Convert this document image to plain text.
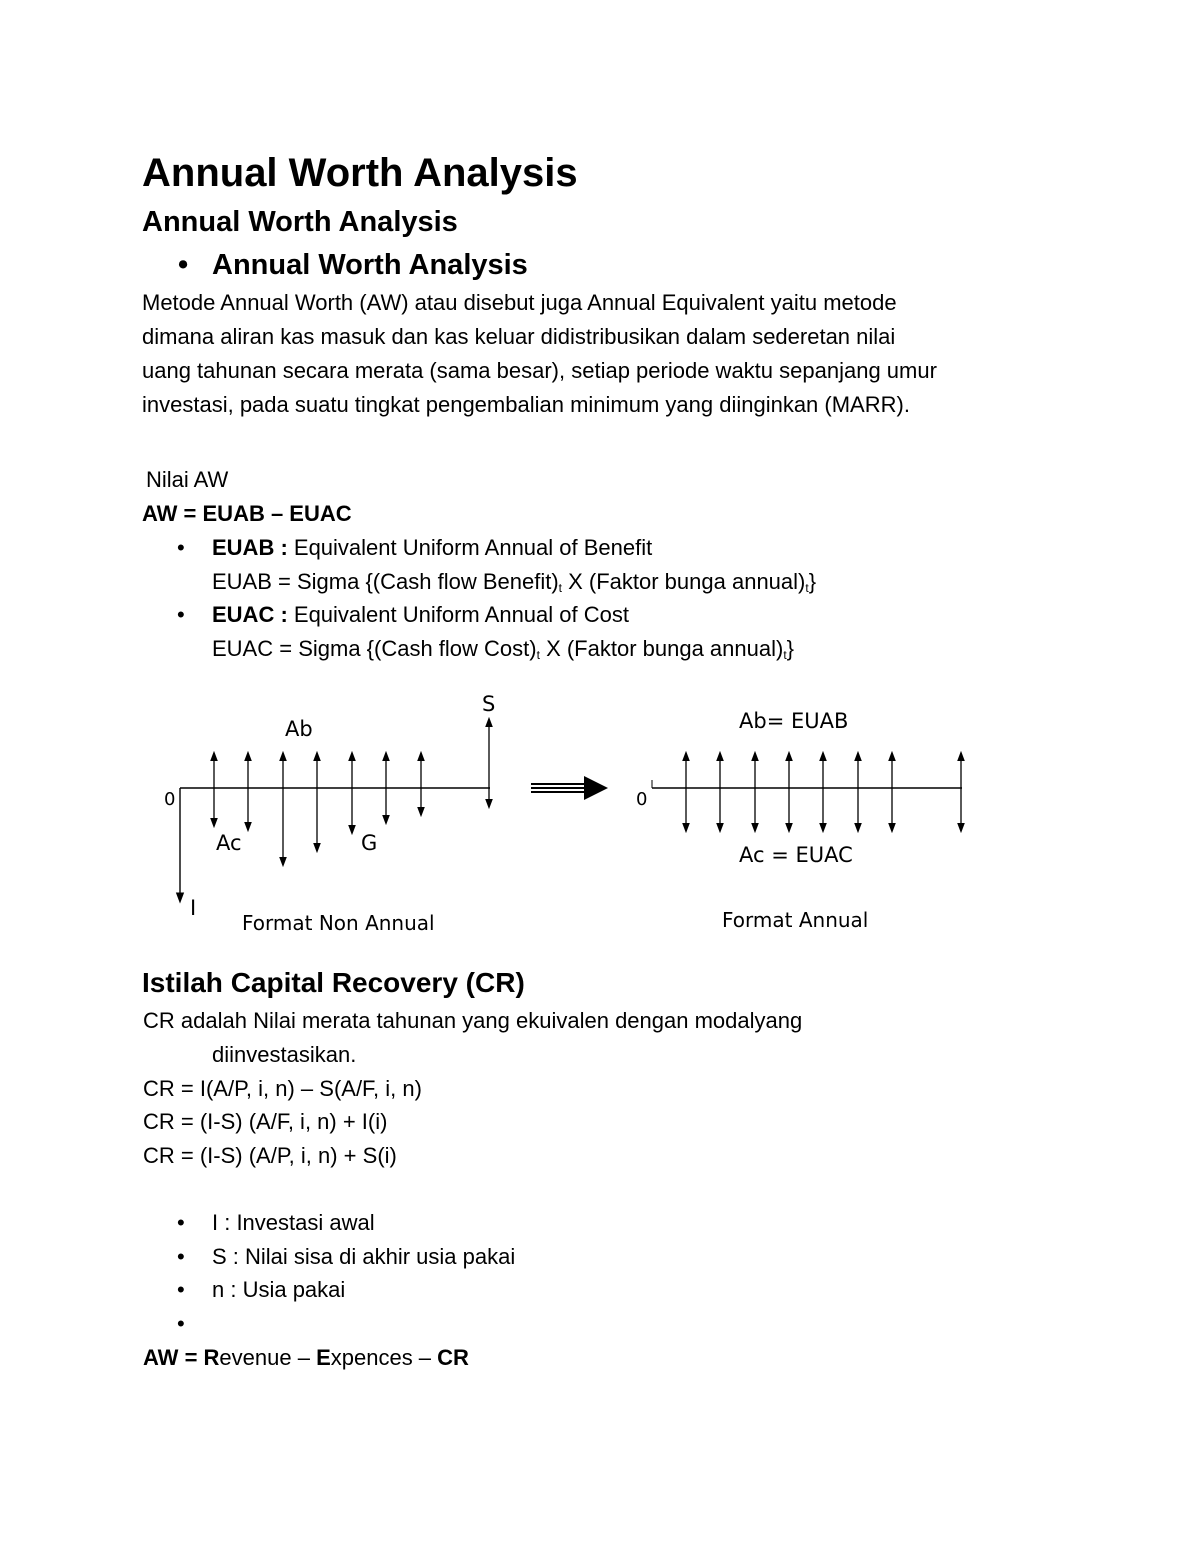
Annual Worth Analysis
Annual Worth Analysis
• Annual Worth Analysis

Metode Annual Worth (AW) atau disebut juga Annual Equivalent yaitu metode

dimana aliran kas masuk dan kas keluar didistribusikan dalam sederetan nilai

uang tahunan secara merata (sama besar), setiap periode waktu sepanjang umur

investasi, pada suatu tingkat pengembalian minimum yang diinginkan (MARR).

Nilai AW
AW = EUAB – EUAC
• EUAB : Equivalent Uniform Annual of Benefit
EUAB = Sigma {(Cash flow $Benefit)_t$ X (Faktor bunga $annual)_t$}
• EUAC : Equivalent Uniform Annual of Cost
EUAC = Sigma {(Cash flow $Cost)_t$ X (Faktor bunga $annual)_t$}
0
Ab
S
Ac	G
I
Format Non Annual
0
Ab= EUAB
Ac = EUAC
Format Annual
Istilah Capital Recovery (CR)
CR adalah Nilai merata tahunan yang ekuivalen dengan modalyang
diinvestasikan.
CR = I(A/P, i, n) – S(A/F, i, n)
CR = (I-S) (A/F, i, n) + I(i)
CR = (I-S) (A/P, i, n) + S(i)
• I : Investasi awal
• S : Nilai sisa di akhir usia pakai
• n : Usia pakai
•
AW = Revenue – Expences – CR
